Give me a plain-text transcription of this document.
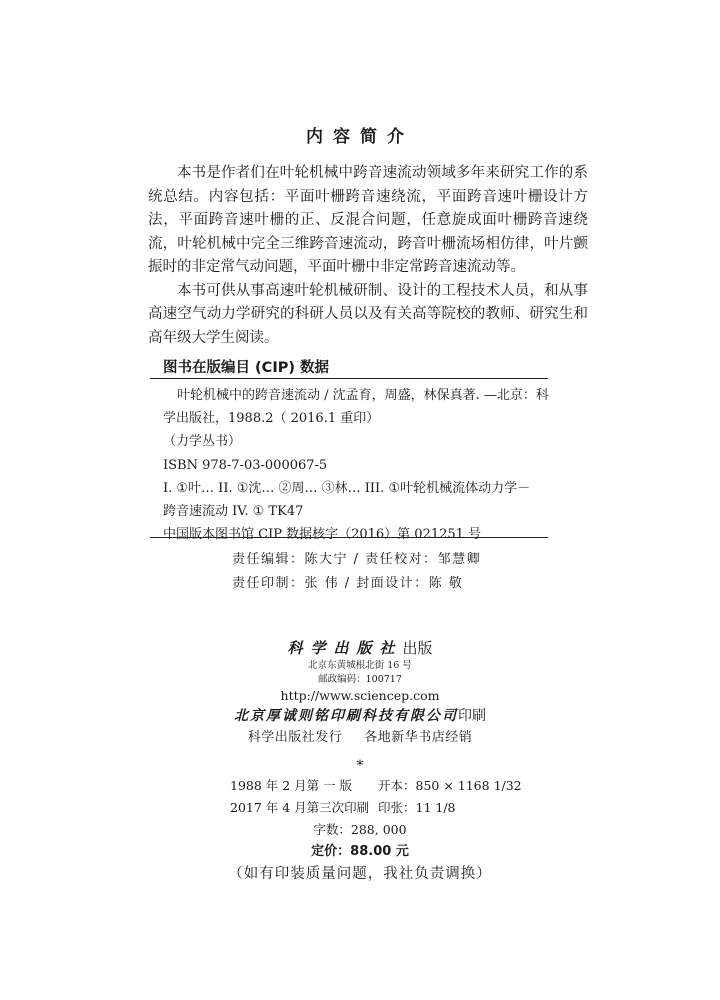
内容简介

本书是作者们在叶轮机械中跨音速流动领域多年来研究工作的系统总结。内容包括：平面叶栅跨音速绕流，平面跨音速叶栅设计方法，平面跨音速叶栅的正、反混合问题，任意旋成面叶栅跨音速绕流，叶轮机械中完全三维跨音速流动，跨音叶栅流场相仿律，叶片颤振时的非定常气动问题，平面叶栅中非定常跨音速流动等。

本书可供从事高速叶轮机械研制、设计的工程技术人员，和从事高速空气动力学研究的科研人员以及有关高等院校的教师、研究生和高年级大学生阅读。

图书在版编目 (CIP) 数据
叶轮机械中的跨音速流动 / 沈孟育，周盛，林保真著. —北京：科
学出版社，1988.2（ 2016.1 重印）
（力学丛书）
ISBN 978-7-03-000067-5
I. ①叶… II. ①沈… ②周… ③林… III. ①叶轮机械流体动力学－
跨音速流动 IV. ① TK47
中国版本图书馆 CIP 数据核字（2016）第 021251 号
责任编辑：陈大宁 / 责任校对：邹慧卿
责任印制：张 伟 / 封面设计：陈 敬
科学出版社出版
北京东黄城根北街 16 号
邮政编码：100717
http://www.sciencep.com
北京厚诚则铭印刷科技有限公司印刷
科学出版社发行 各地新华书店经销
*
1988 年 2 月第 一 版 开本：850 × 1168 1/32
2017 年 4 月第三次印刷 印张：11 1/8
字数：288, 000
定价：88.00 元
（如有印装质量问题，我社负责调换）
